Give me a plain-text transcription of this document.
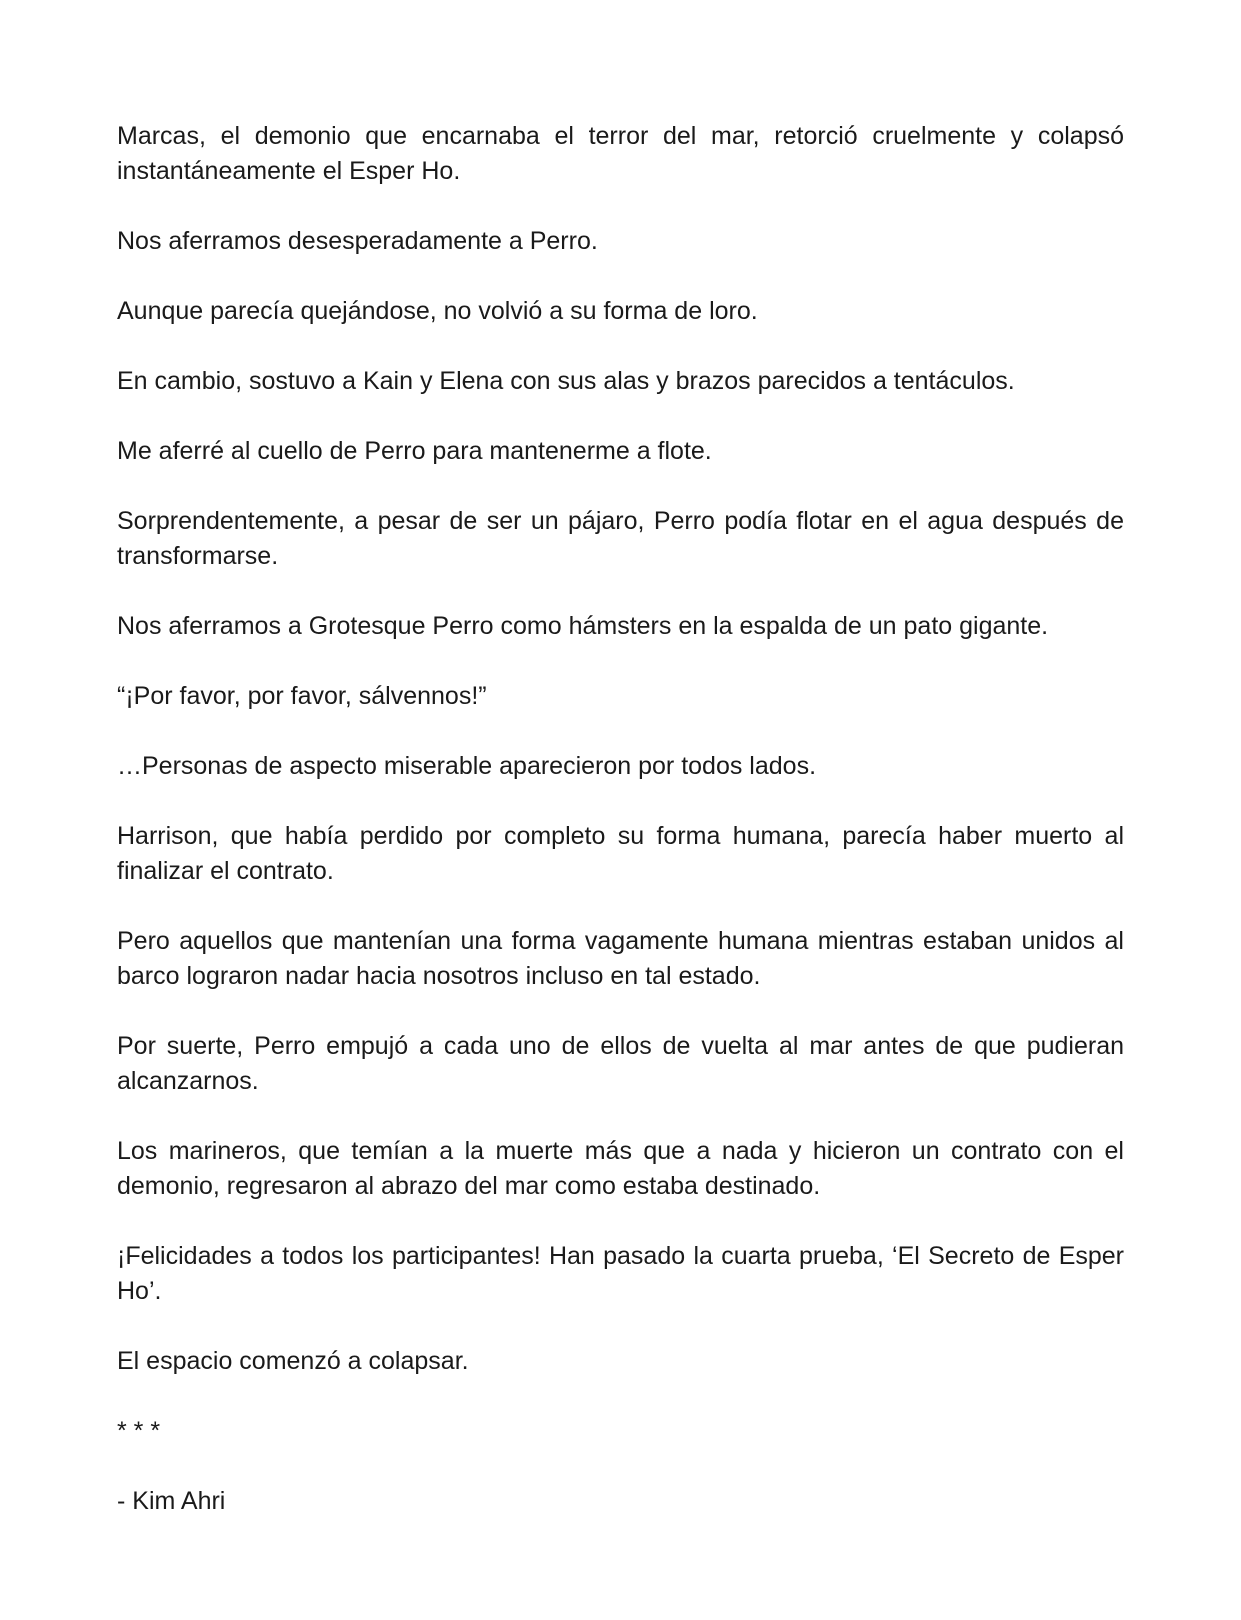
Marcas, el demonio que encarnaba el terror del mar, retorció cruelmente y colapsó instantáneamente el Esper Ho.

Nos aferramos desesperadamente a Perro.

Aunque parecía quejándose, no volvió a su forma de loro.

En cambio, sostuvo a Kain y Elena con sus alas y brazos parecidos a tentáculos.

Me aferré al cuello de Perro para mantenerme a flote.

Sorprendentemente, a pesar de ser un pájaro, Perro podía flotar en el agua después de transformarse.

Nos aferramos a Grotesque Perro como hámsters en la espalda de un pato gigante.

“¡Por favor, por favor, sálvennos!”

…Personas de aspecto miserable aparecieron por todos lados.

Harrison, que había perdido por completo su forma humana, parecía haber muerto al finalizar el contrato.

Pero aquellos que mantenían una forma vagamente humana mientras estaban unidos al barco lograron nadar hacia nosotros incluso en tal estado.

Por suerte, Perro empujó a cada uno de ellos de vuelta al mar antes de que pudieran alcanzarnos.

Los marineros, que temían a la muerte más que a nada y hicieron un contrato con el demonio, regresaron al abrazo del mar como estaba destinado.

¡Felicidades a todos los participantes! Han pasado la cuarta prueba, ‘El Secreto de Esper Ho’.

El espacio comenzó a colapsar.

* * *

- Kim Ahri
